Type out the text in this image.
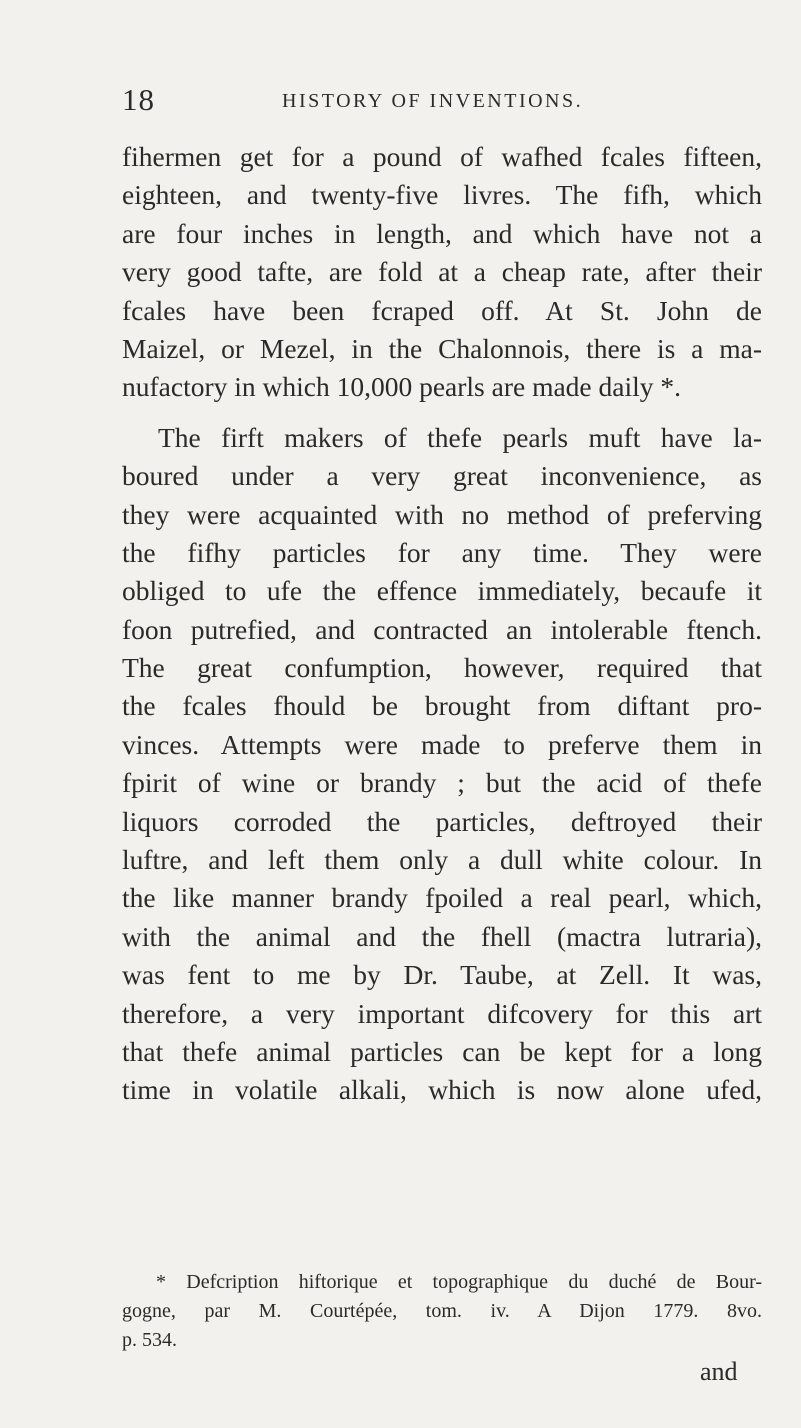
18	HISTORY OF INVENTIONS.
fihermen get for a pound of wafhed fcales fifteen,
eighteen, and twenty-five livres. The fifh, which
are four inches in length, and which have not a
very good tafte, are fold at a cheap rate, after their
fcales have been fcraped off. At St. John de
Maizel, or Mezel, in the Chalonnois, there is a ma-
nufactory in which 10,000 pearls are made daily *.
The firft makers of thefe pearls muft have la-
boured under a very great inconvenience, as
they were acquainted with no method of preferving
the fifhy particles for any time. They were
obliged to ufe the effence immediately, becaufe it
foon putrefied, and contracted an intolerable ftench.
The great confumption, however, required that
the fcales fhould be brought from diftant pro-
vinces. Attempts were made to preferve them in
fpirit of wine or brandy ; but the acid of thefe
liquors corroded the particles, deftroyed their
luftre, and left them only a dull white colour. In
the like manner brandy fpoiled a real pearl, which,
with the animal and the fhell (mactra lutraria),
was fent to me by Dr. Taube, at Zell. It was,
therefore, a very important difcovery for this art
that thefe animal particles can be kept for a long
time in volatile alkali, which is now alone ufed,
* Defcription hiftorique et topographique du duché de Bour-
gogne, par M. Courtépée, tom. iv. A Dijon 1779. 8vo.
p. 534.
and
